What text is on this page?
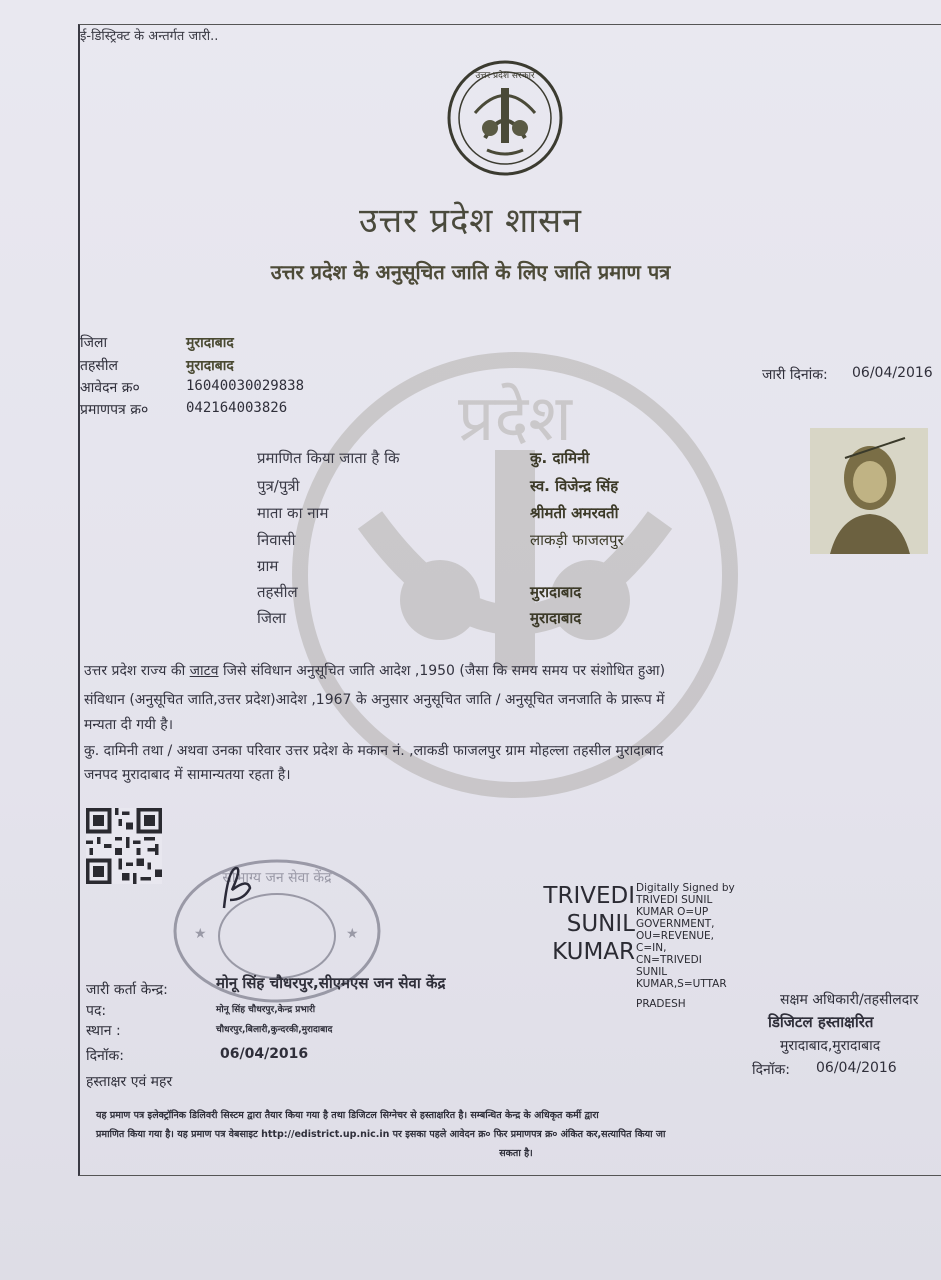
ई-डिस्ट्रिक्ट के अन्तर्गत जारी..
उत्तर प्रदेश सरकार
उत्तर प्रदेश शासन
उत्तर प्रदेश के अनुसूचित जाति के लिए जाति प्रमाण पत्र
प्रदेश
जिला	मुरादाबाद
तहसील	मुरादाबाद
आवेदन क्र०	16040030029838
प्रमाणपत्र क्र०	042164003826
जारी दिनांक: 06/04/2016
प्रमाणित किया जाता है कि	कु. दामिनी
पुत्र/पुत्री	स्व. विजेन्द्र सिंह
माता का नाम	श्रीमती अमरवती
निवासी	लाकड़ी फाजलपुर
ग्राम
तहसील	मुरादाबाद
जिला	मुरादाबाद
उत्तर प्रदेश राज्य की जाटव जिसे संविधान अनुसूचित जाति आदेश ,1950 (जैसा कि समय समय पर संशोधित हुआ)
संविधान (अनुसूचित जाति,उत्तर प्रदेश)आदेश ,1967 के अनुसार अनुसूचित जाति / अनुसूचित जनजाति के प्रारूप में
मन्यता दी गयी है।
कु. दामिनी तथा / अथवा उनका परिवार उत्तर प्रदेश के मकान नं. ,लाकडी फाजलपुर ग्राम मोहल्ला तहसील मुरादाबाद
जनपद मुरादाबाद में सामान्यतया रहता है।
सौभाग्य जन सेवा केंद्र
★	★
जारी कर्ता केन्द्र:	मोनू सिंह चौधरपुर,सीएमएस जन सेवा केंद्र
पद:	मोनू सिंह चौधरपुर,केन्द्र प्रभारी
स्थान :	चौधरपुर,बिलारी,कुन्दरकी,मुरादाबाद
दिनॉक:	06/04/2016
हस्ताक्षर एवं महर
TRIVEDI
SUNIL
KUMAR
Digitally Signed by
TRIVEDI SUNIL
KUMAR O=UP
GOVERNMENT,
OU=REVENUE,
C=IN,
CN=TRIVEDI
SUNIL
KUMAR,S=UTTAR
PRADESH	सक्षम अधिकारी/तहसीलदार
डिजिटल हस्ताक्षरित
मुरादाबाद,मुरादाबाद
दिनॉक: 06/04/2016
यह प्रमाण पत्र इलेक्ट्रॉनिक डिलिवरी सिस्टम द्वारा तैयार किया गया है तथा डिजिटल सिग्नेचर से हस्ताक्षरित है। सम्बन्धित केन्द्र के अधिकृत कर्मी द्वारा
प्रमाणित किया गया है। यह प्रमाण पत्र वेबसाइट http://edistrict.up.nic.in पर इसका पहले आवेदन क्र० फिर प्रमाणपत्र क्र० अंकित कर,सत्यापित किया जा
सकता है।
